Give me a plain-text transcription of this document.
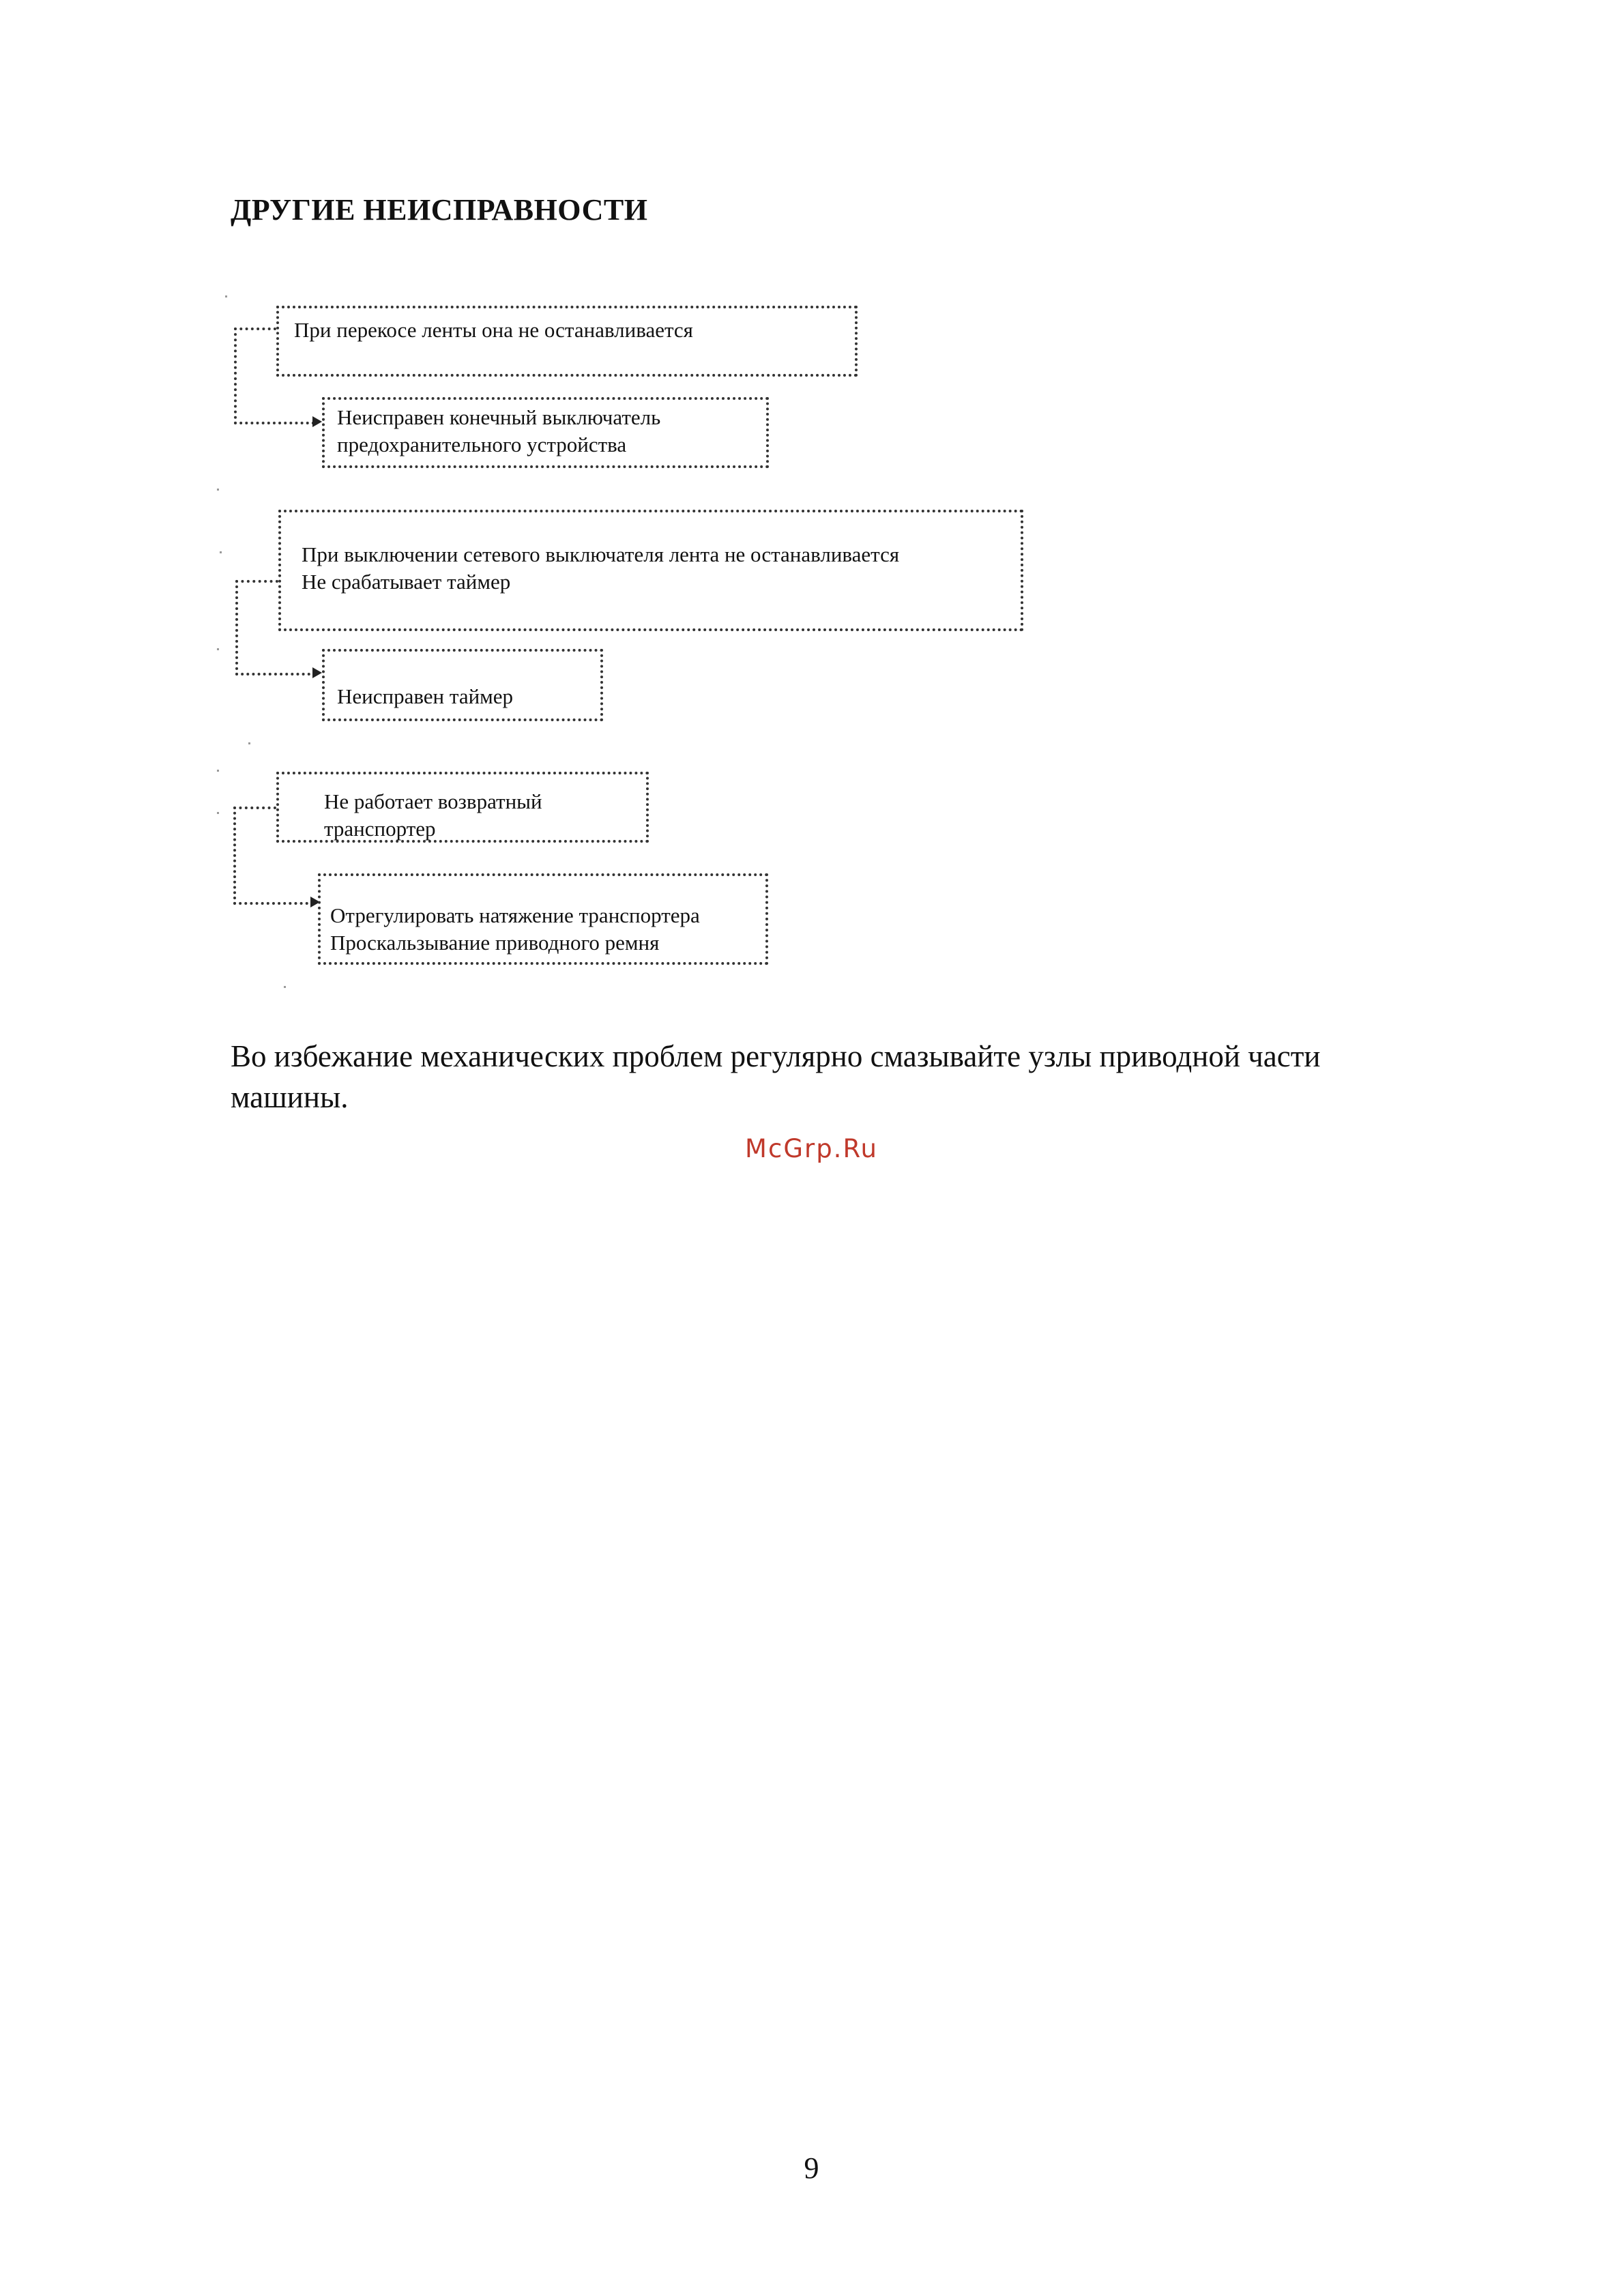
ДРУГИЕ НЕИСПРАВНОСТИ
При перекосе ленты она не останавливается
Неисправен конечный выключатель
предохранительного устройства
При выключении сетевого выключателя лента не останавливается
Не срабатывает таймер
Неисправен таймер
Не работает возвратный
транспортер
Отрегулировать натяжение транспортера
Проскальзывание приводного ремня
Во избежание механических проблем регулярно смазывайте узлы приводной части машины.
McGrp.Ru
9
